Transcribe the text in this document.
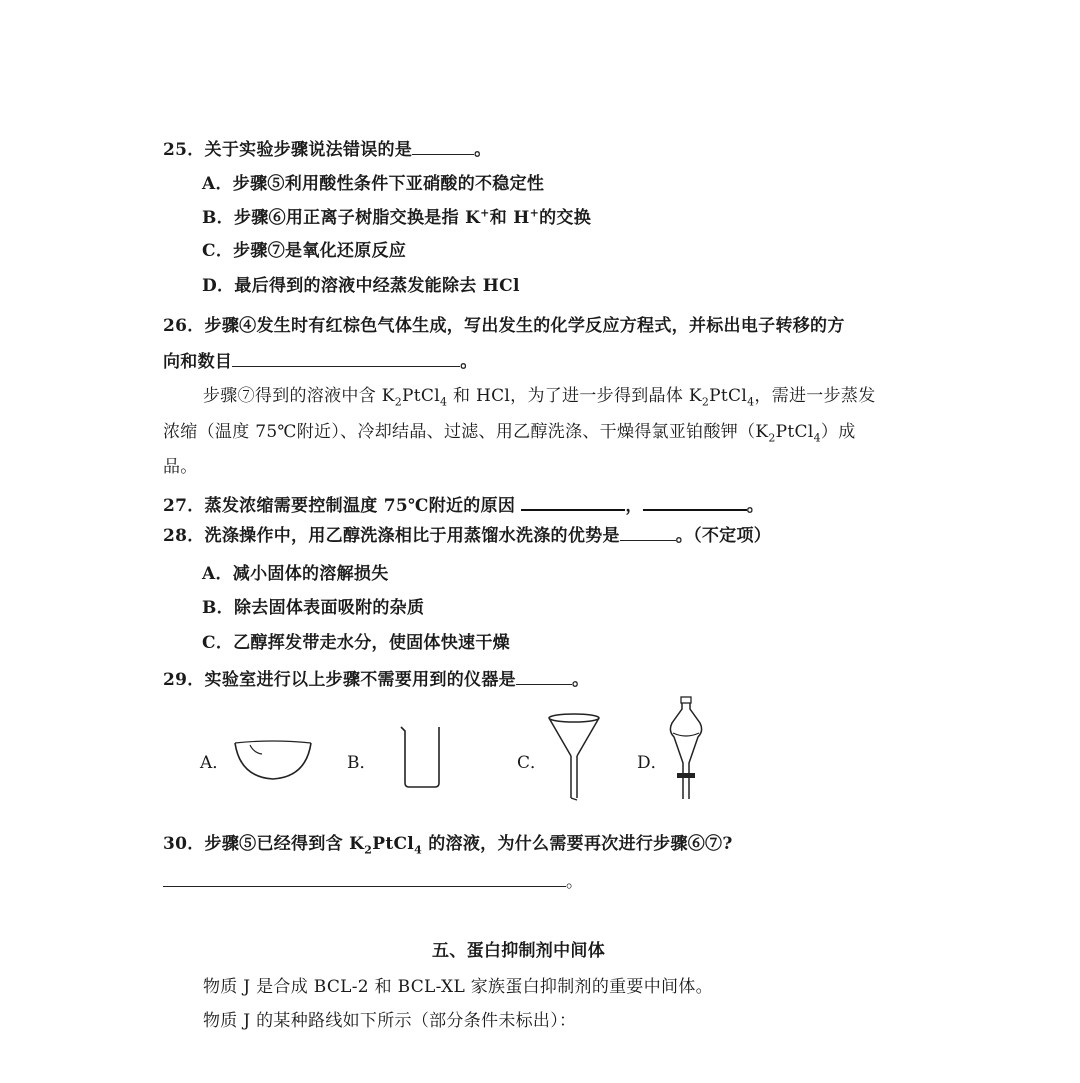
25．关于实验步骤说法错误的是	。
A．步骤⑤利用酸性条件下亚硝酸的不稳定性
B．步骤⑥用正离子树脂交换是指 K+和 H+的交换
C．步骤⑦是氧化还原反应
D．最后得到的溶液中经蒸发能除去 HCl
26．步骤④发生时有红棕色气体生成，写出发生的化学反应方程式，并标出电子转移的方
向和数目	。
步骤⑦得到的溶液中含 $K_2PtCl_4$ 和 HCl，为了进一步得到晶体 $K_2PtCl_4$，需进一步蒸发
浓缩（温度 75℃附近）、冷却结晶、过滤、用乙醇洗涤、干燥得氯亚铂酸钾$(K_2PtCl_4)$成
品。
27．蒸发浓缩需要控制温度 75℃附近的原因	，	。
28．洗涤操作中，用乙醇洗涤相比于用蒸馏水洗涤的优势是	。（不定项）
A．减小固体的溶解损失
B．除去固体表面吸附的杂质
C．乙醇挥发带走水分，使固体快速干燥
29．实验室进行以上步骤不需要用到的仪器是	。
A．	B．	C．	D．
30．步骤⑤已经得到含 $K_2PtCl_4$ 的溶液，为什么需要再次进行步骤⑥⑦?
。
五、蛋白抑制剂中间体
物质 J 是合成 BCL-2 和 BCL-XL 家族蛋白抑制剂的重要中间体。
物质 J 的某种路线如下所示（部分条件未标出）：
